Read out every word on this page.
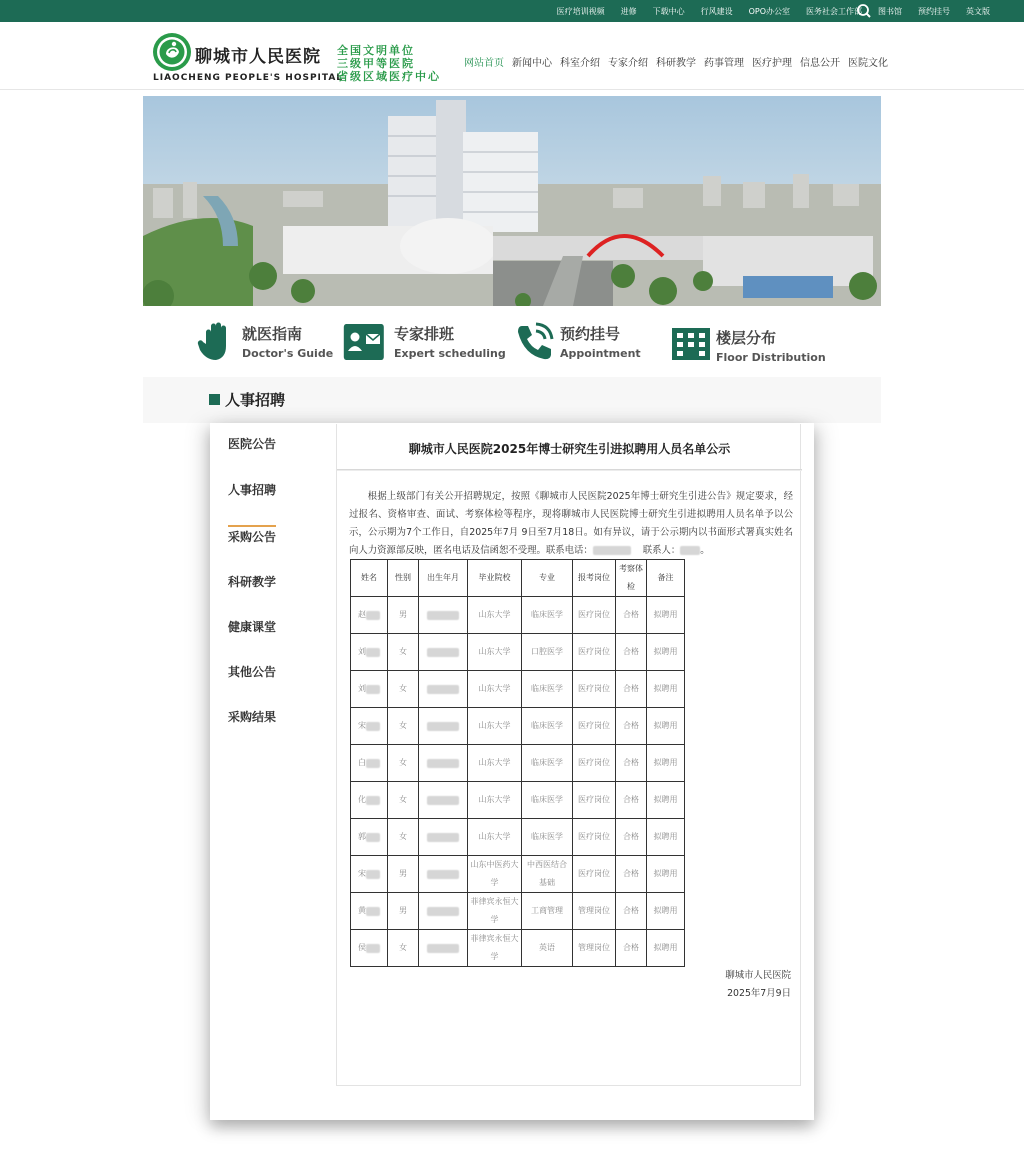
医疗培训视频 进修 下载中心 行风建设 OPO办公室 医务社会工作部 图书馆 预约挂号 英文版
聊城市人民医院
LIAOCHENG PEOPLE'S HOSPITAL
全国文明单位
三级甲等医院
省级区域医疗中心
网站首页 新闻中心 科室介绍 专家介绍 科研教学 药事管理 医疗护理 信息公开 医院文化
就医指南
Doctor's Guide
专家排班
Expert scheduling
预约挂号
Appointment
楼层分布
Floor Distribution
人事招聘
医院公告
人事招聘
采购公告
科研教学
健康课堂
其他公告
采购结果
聊城市人民医院2025年博士研究生引进拟聘用人员名单公示
根据上级部门有关公开招聘规定，按照《聊城市人民医院2025年博士研究生引进公告》规定要求，经过报名、资格审查、面试、考察体检等程序，现将聊城市人民医院博士研究生引进拟聘用人员名单予以公示，公示期为7个工作日，自2025年7月 9日至7月18日。如有异议，请于公示期内以书面形式署真实姓名向人力资源部反映，匿名电话及信函恕不受理。联系电话：	联系人： 。
姓名	性别	出生年月	毕业院校	专业	报考岗位	考察体检	备注
赵	男		山东大学	临床医学	医疗岗位	合格	拟聘用
刘	女		山东大学	口腔医学	医疗岗位	合格	拟聘用
刘	女		山东大学	临床医学	医疗岗位	合格	拟聘用
宋	女		山东大学	临床医学	医疗岗位	合格	拟聘用
白	女		山东大学	临床医学	医疗岗位	合格	拟聘用
化	女		山东大学	临床医学	医疗岗位	合格	拟聘用
郭	女		山东大学	临床医学	医疗岗位	合格	拟聘用
宋	男		山东中医药大学	中西医结合基础	医疗岗位	合格	拟聘用
黄	男		菲律宾永恒大学	工商管理	管理岗位	合格	拟聘用
侯	女		菲律宾永恒大学	英语	管理岗位	合格	拟聘用
聊城市人民医院
2025年7月9日
